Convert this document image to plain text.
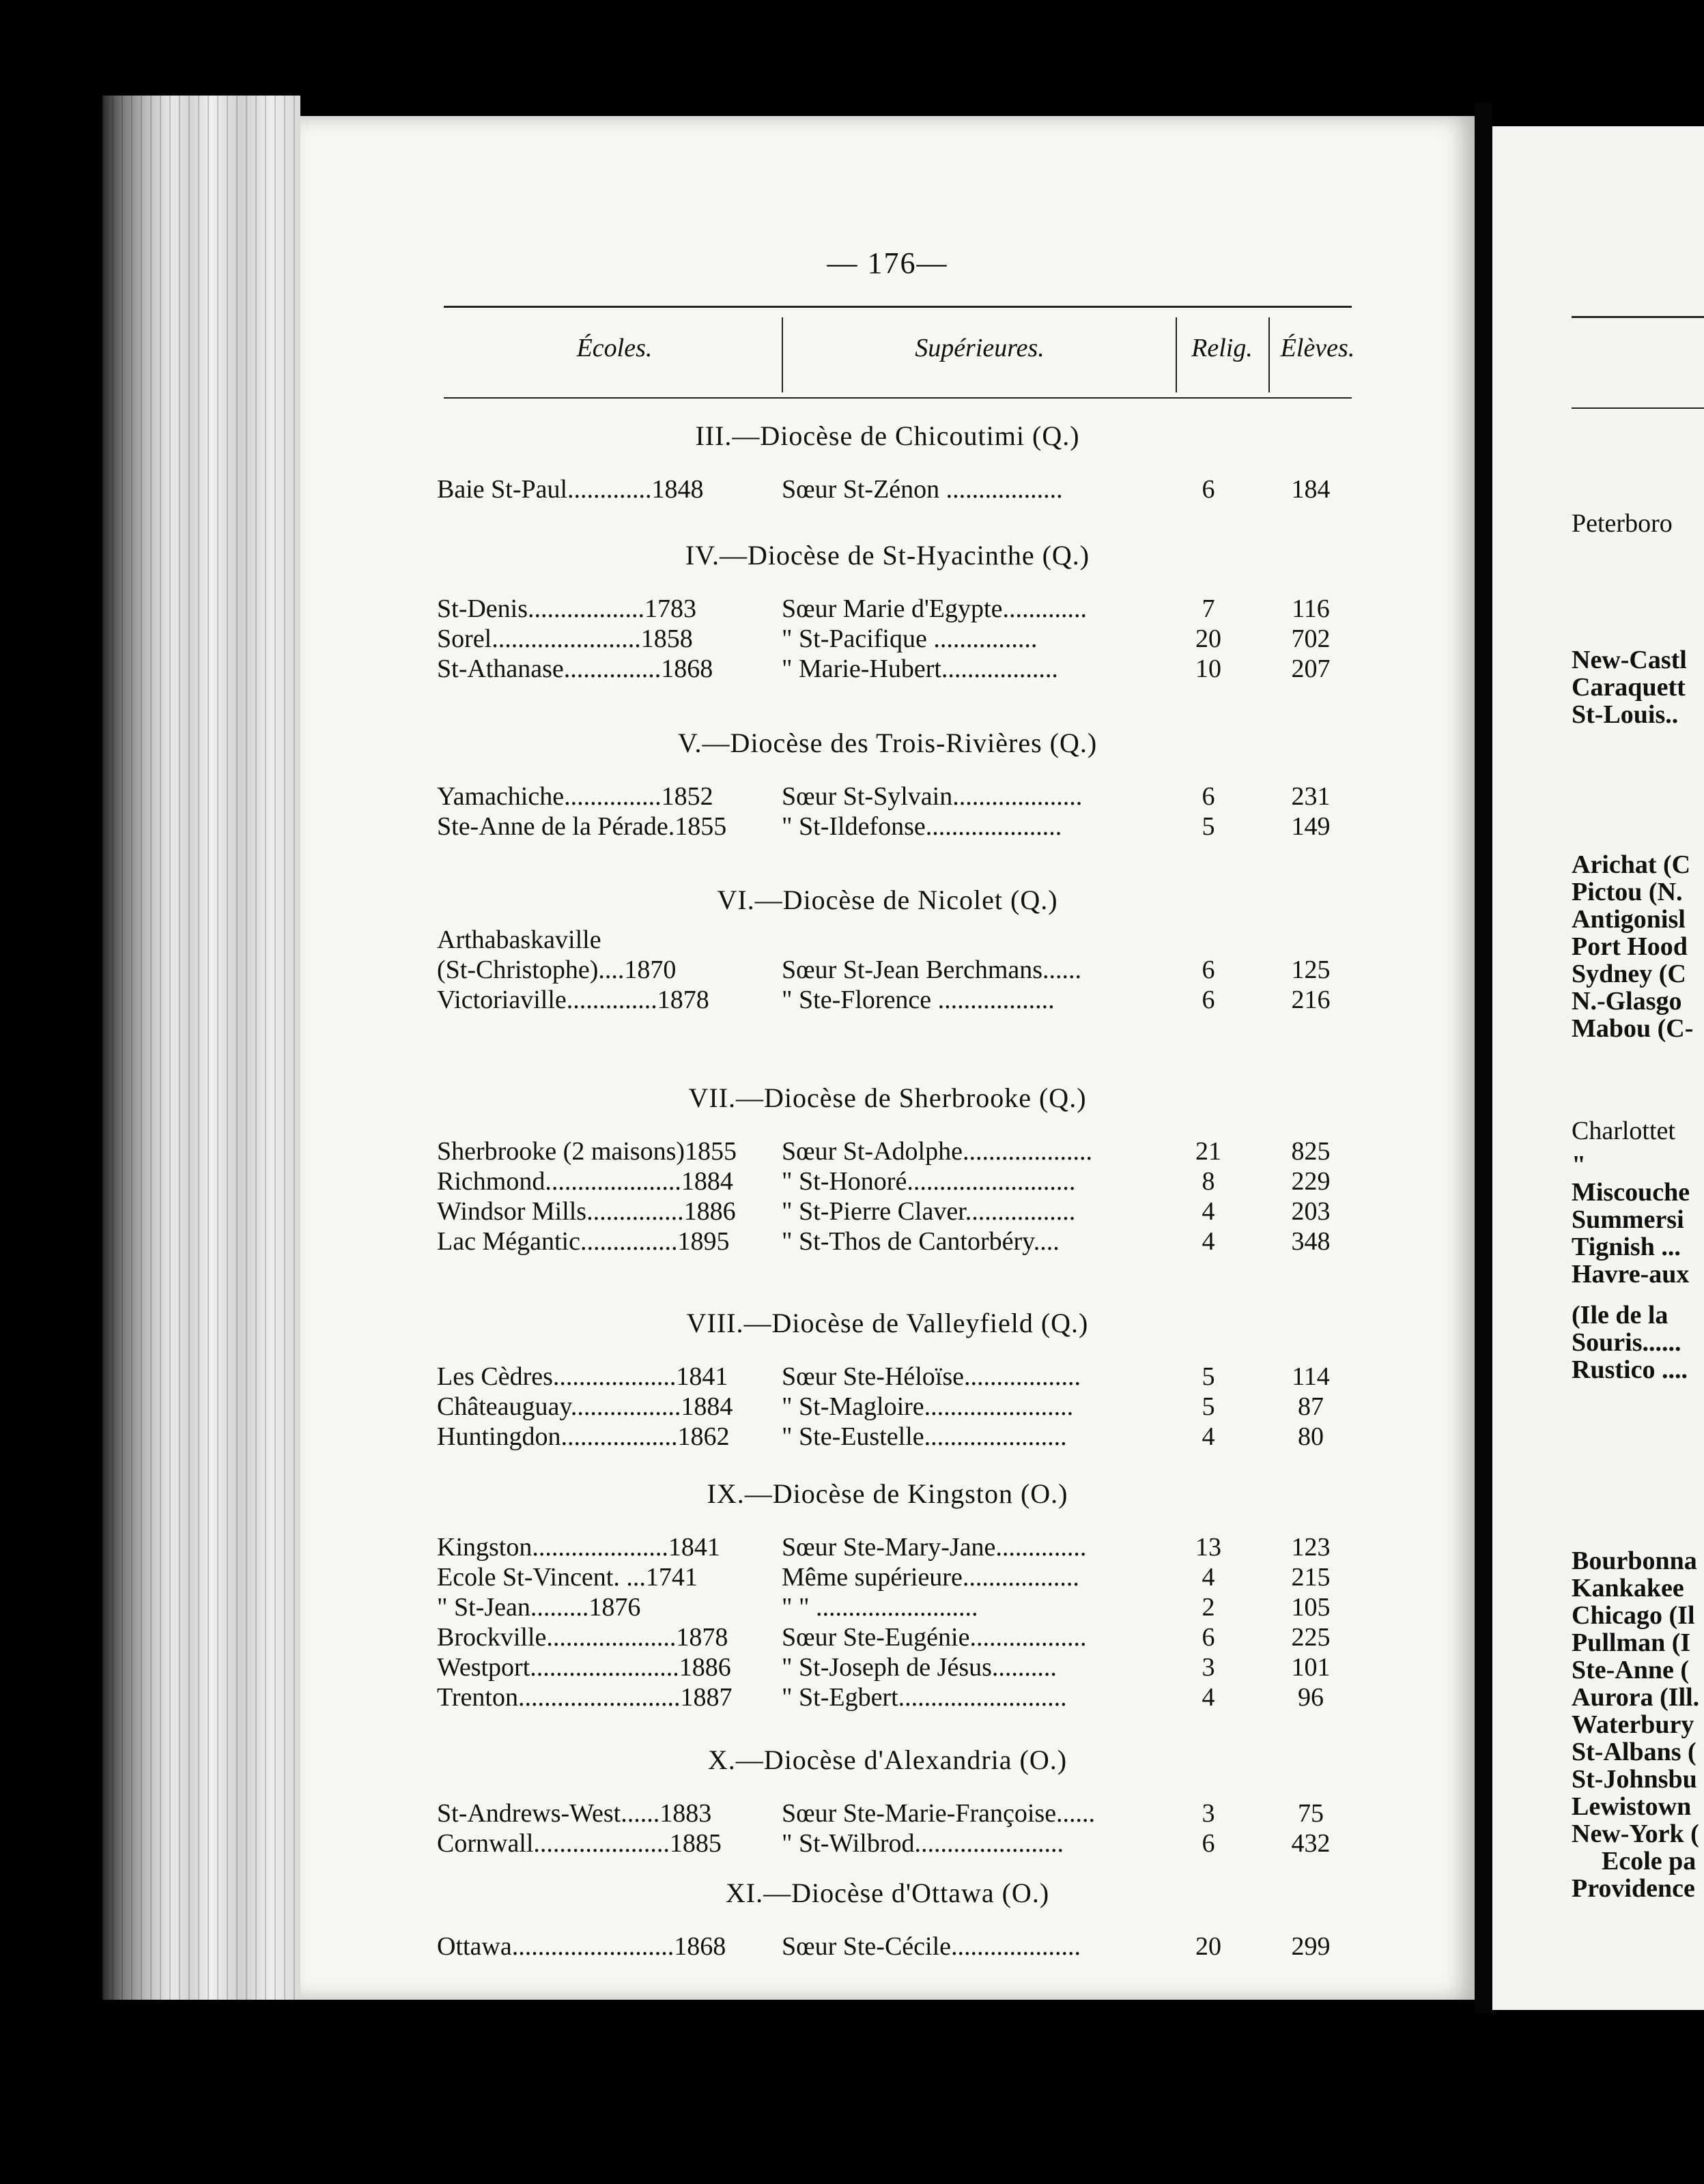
— 176—
Écoles.	Supérieures.	Relig.	Élèves.
III.—Diocèse de Chicoutimi (Q.)
Baie St-Paul.............1848	Sœur St-Zénon ..................	6	184
IV.—Diocèse de St-Hyacinthe (Q.)
St-Denis..................1783	Sœur Marie d'Egypte.............	7	116
Sorel.......................1858	" St-Pacifique ................	20	702
St-Athanase...............1868	" Marie-Hubert..................	10	207
V.—Diocèse des Trois-Rivières (Q.)
Yamachiche...............1852	Sœur St-Sylvain....................	6	231
Ste-Anne de la Pérade.1855 " St-Ildefonse.....................	5	149
VI.—Diocèse de Nicolet (Q.)
Arthabaskaville
(St-Christophe)....1870	Sœur St-Jean Berchmans......	6	125
Victoriaville..............1878	" Ste-Florence ..................	6	216
VII.—Diocèse de Sherbrooke (Q.)
Sherbrooke (2 maisons)1855 Sœur St-Adolphe....................	21	825
Richmond.....................1884 " St-Honoré..........................	8	229
Windsor Mills...............1886 " St-Pierre Claver.................	4	203
Lac Mégantic...............1895 " St-Thos de Cantorbéry....	4	348
VIII.—Diocèse de Valleyfield (Q.)
Les Cèdres...................1841 Sœur Ste-Héloïse..................	5	114
Châteauguay.................1884 " St-Magloire.......................	5	87
Huntingdon..................1862 " Ste-Eustelle......................	4	80
IX.—Diocèse de Kingston (O.)
Kingston.....................1841 Sœur Ste-Mary-Jane..............	13	123
Ecole St-Vincent. ...1741	Même supérieure..................	4	215
" St-Jean.........1876	" " .........................	2	105
Brockville....................1878 Sœur Ste-Eugénie..................	6	225
Westport.......................1886 " St-Joseph de Jésus..........	3	101
Trenton.........................1887 " St-Egbert..........................	4	96
X.—Diocèse d'Alexandria (O.)
St-Andrews-West......1883	Sœur Ste-Marie-Françoise......	3	75
Cornwall.....................1885 " St-Wilbrod.......................	6	432
XI.—Diocèse d'Ottawa (O.)
Ottawa.........................1868 Sœur Ste-Cécile....................	20	299
Peterboro
New-Castl
Caraquett
St-Louis..
Arichat (C
Pictou (N.
Antigonisl
Port Hood
Sydney (C
N.-Glasgo
Mabou (C-
Charlottet
"
Miscouche
Summersi
Tignish ...
Havre-aux
(Ile de la
Souris......
Rustico ....
Bourbonna
Kankakee
Chicago (Il
Pullman (I
Ste-Anne (
Aurora (Ill.
Waterbury
St-Albans (
St-Johnsbu
Lewistown
New-York (
Ecole pa
Providence
